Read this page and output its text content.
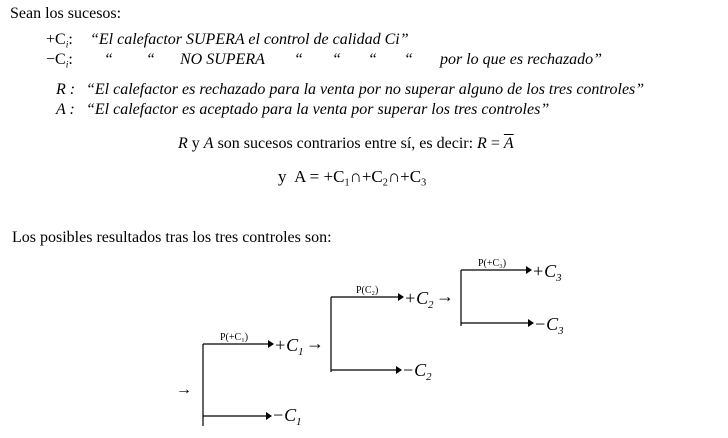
Sean los sucesos:
$+C_i$: “El calefactor SUPERA el control de calidad Ci”
$-C_i$: “ “ NO SUPERA “ “ “ “ por lo que es rechazado”
R : “El calefactor es rechazado para la venta por no superar alguno de los tres controles”
A : “El calefactor es aceptado para la venta por superar los tres controles”
R y A son sucesos contrarios entre sí, es decir: $R = \overline{A}$
y $A = +C_1\cap+C_2\cap+C_3$
Los posibles resultados tras los tres controles son:
→
$P(+C_1) +C_1$ →
$-C_1$
$P(C_2) +C_2$ →
$-C_2$
$P(+C_3) +C_3$
$-C_3$
